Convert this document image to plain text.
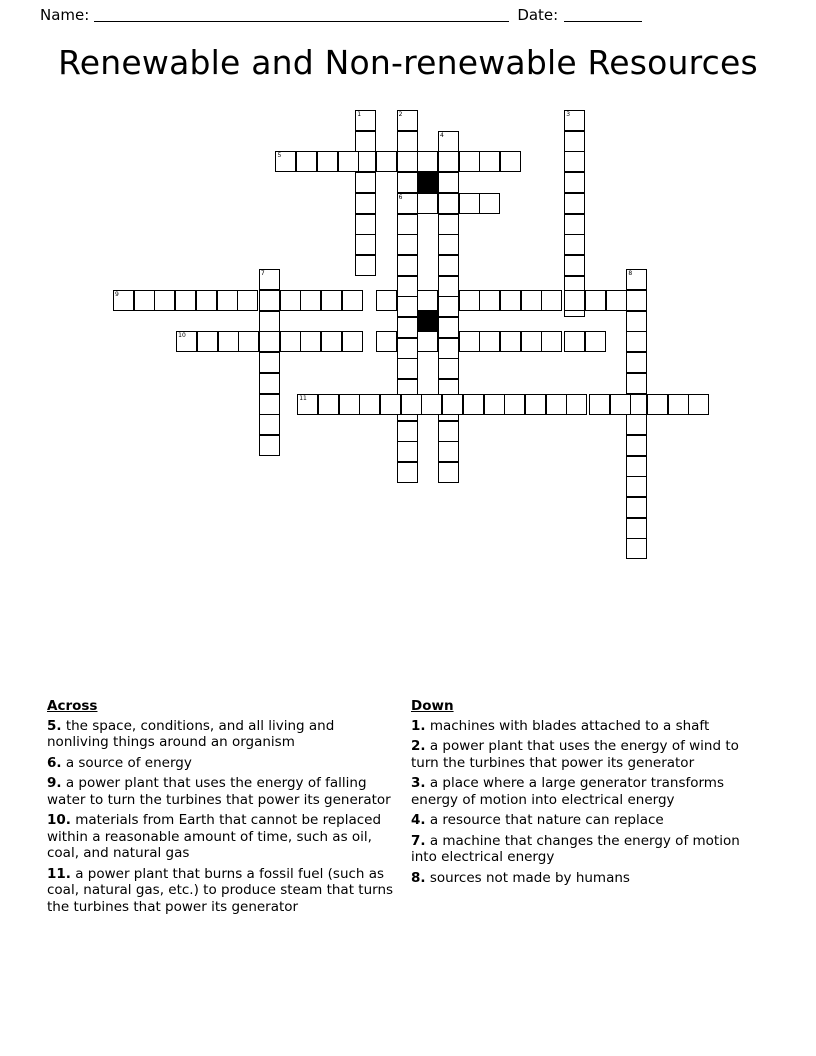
Name:	Date:
Renewable and Non-renewable Resources
1	2
6
4
3
5
7	8
9
10
11
Across
5. the space, conditions, and all living and nonliving things around an organism
6. a source of energy
9. a power plant that uses the energy of falling water to turn the turbines that power its generator
10. materials from Earth that cannot be replaced within a reasonable amount of time, such as oil, coal, and natural gas
11. a power plant that burns a fossil fuel (such as coal, natural gas, etc.) to produce steam that turns the turbines that power its generator
Down
1. machines with blades attached to a shaft
2. a power plant that uses the energy of wind to turn the turbines that power its generator
3. a place where a large generator transforms energy of motion into electrical energy
4. a resource that nature can replace
7. a machine that changes the energy of motion into electrical energy
8. sources not made by humans
